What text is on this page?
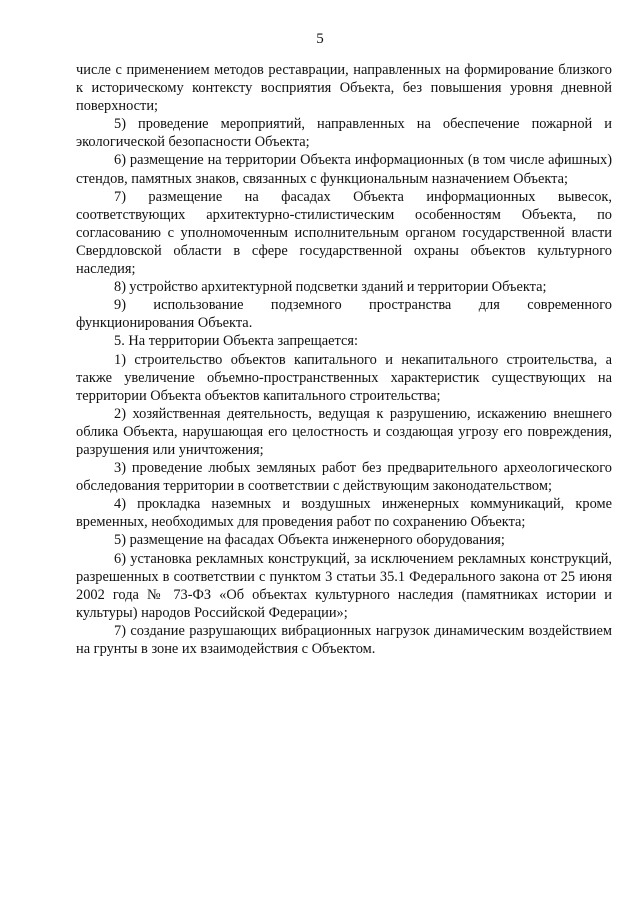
5

числе с применением методов реставрации, направленных на формирование близкого к историческому контексту восприятия Объекта, без повышения уровня дневной поверхности;

5) проведение мероприятий, направленных на обеспечение пожарной и экологической безопасности Объекта;

6) размещение на территории Объекта информационных (в том числе афишных) стендов, памятных знаков, связанных с функциональным назначением Объекта;

7) размещение на фасадах Объекта информационных вывесок, соответствующих архитектурно-стилистическим особенностям Объекта, по согласованию с уполномоченным исполнительным органом государственной власти Свердловской области в сфере государственной охраны объектов культурного наследия;

8) устройство архитектурной подсветки зданий и территории Объекта;

9) использование подземного пространства для современного функционирования Объекта.

5. На территории Объекта запрещается:

1) строительство объектов капитального и некапитального строительства, а также увеличение объемно-пространственных характеристик существующих на территории Объекта объектов капитального строительства;

2) хозяйственная деятельность, ведущая к разрушению, искажению внешнего облика Объекта, нарушающая его целостность и создающая угрозу его повреждения, разрушения или уничтожения;

3) проведение любых земляных работ без предварительного археологического обследования территории в соответствии с действующим законодательством;

4) прокладка наземных и воздушных инженерных коммуникаций, кроме временных, необходимых для проведения работ по сохранению Объекта;

5) размещение на фасадах Объекта инженерного оборудования;

6) установка рекламных конструкций, за исключением рекламных конструкций, разрешенных в соответствии с пунктом 3 статьи 35.1 Федерального закона от 25 июня 2002 года № 73-ФЗ «Об объектах культурного наследия (памятниках истории и культуры) народов Российской Федерации»;

7) создание разрушающих вибрационных нагрузок динамическим воздействием на грунты в зоне их взаимодействия с Объектом.
